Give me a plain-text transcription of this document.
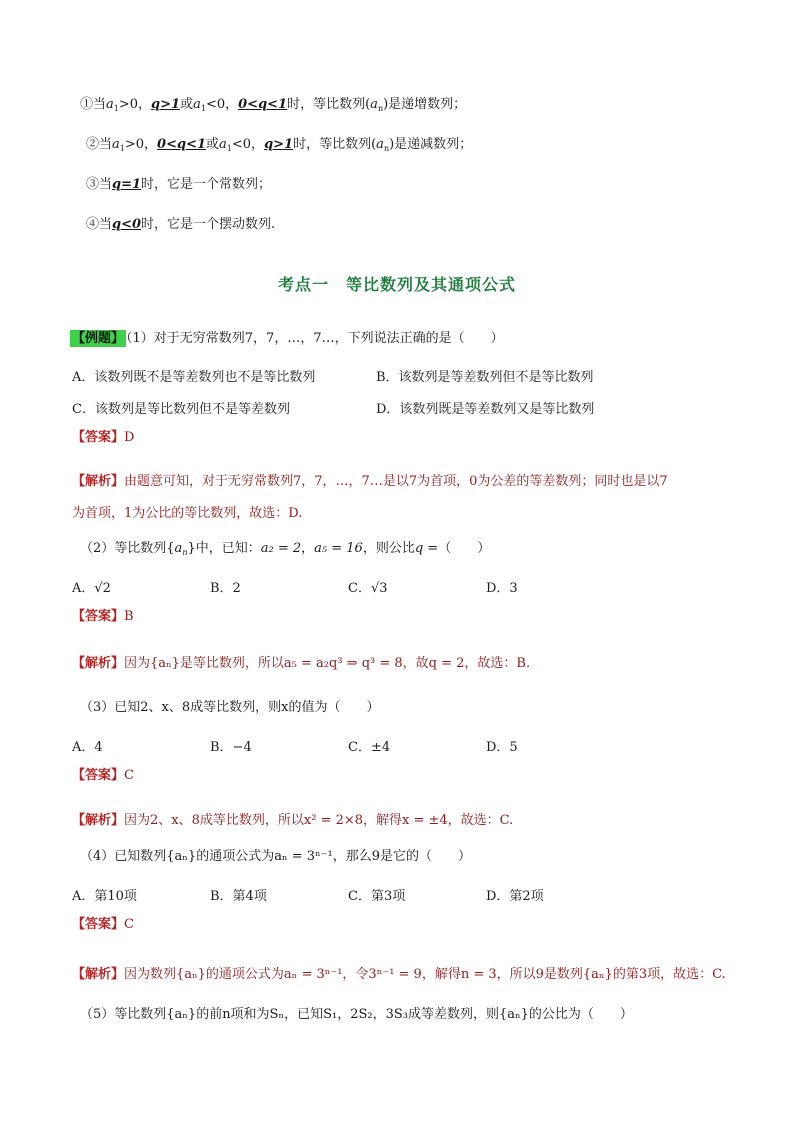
①当$a_1>0$，q>1或$a_1<0$，0<q<1时，等比数列$(a_n)$是递增数列；
②当$a_1>0$，0<q<1或$a_1<0$，q>1时，等比数列$(a_n)$是递减数列；
③当q=1时，它是一个常数列；
④当q<0时，它是一个摆动数列.
考点一　等比数列及其通项公式
【例题】 （1）对于无穷常数列7，7，…，7…，下列说法正确的是（　　）
A．该数列既不是等差数列也不是等比数列	B．该数列是等差数列但不是等比数列
C．该数列是等比数列但不是等差数列	D．该数列既是等差数列又是等比数列
【答案】D
【解析】由题意可知，对于无穷常数列7，7，…，7…是以7为首项，0为公差的等差数列；同时也是以7
为首项，1为公比的等比数列，故选：D.
（2）等比数列$\{a_n\}$中，已知：a₂ = 2，a₅ = 16，则公比q =（　　）
A．√2	B．2	C．√3	D．3
【答案】B
【解析】因为{aₙ}是等比数列，所以a₅ = a₂q³ ⇒ q³ = 8，故q = 2，故选：B.
（3）已知2、x、8成等比数列，则x的值为（　　）
A．4	B．−4	C．±4	D．5
【答案】C
【解析】因为2、x、8成等比数列，所以x² = 2×8，解得x = ±4，故选：C.
（4）已知数列{aₙ}的通项公式为aₙ = 3ⁿ⁻¹，那么9是它的（　　）
A．第10项	B．第4项	C．第3项	D．第2项
【答案】C
【解析】因为数列{aₙ}的通项公式为aₙ = 3ⁿ⁻¹，令3ⁿ⁻¹ = 9，解得n = 3，所以9是数列{aₙ}的第3项，故选：C.
（5）等比数列{aₙ}的前n项和为Sₙ，已知S₁，2S₂，3S₃成等差数列，则{aₙ}的公比为（　　）
